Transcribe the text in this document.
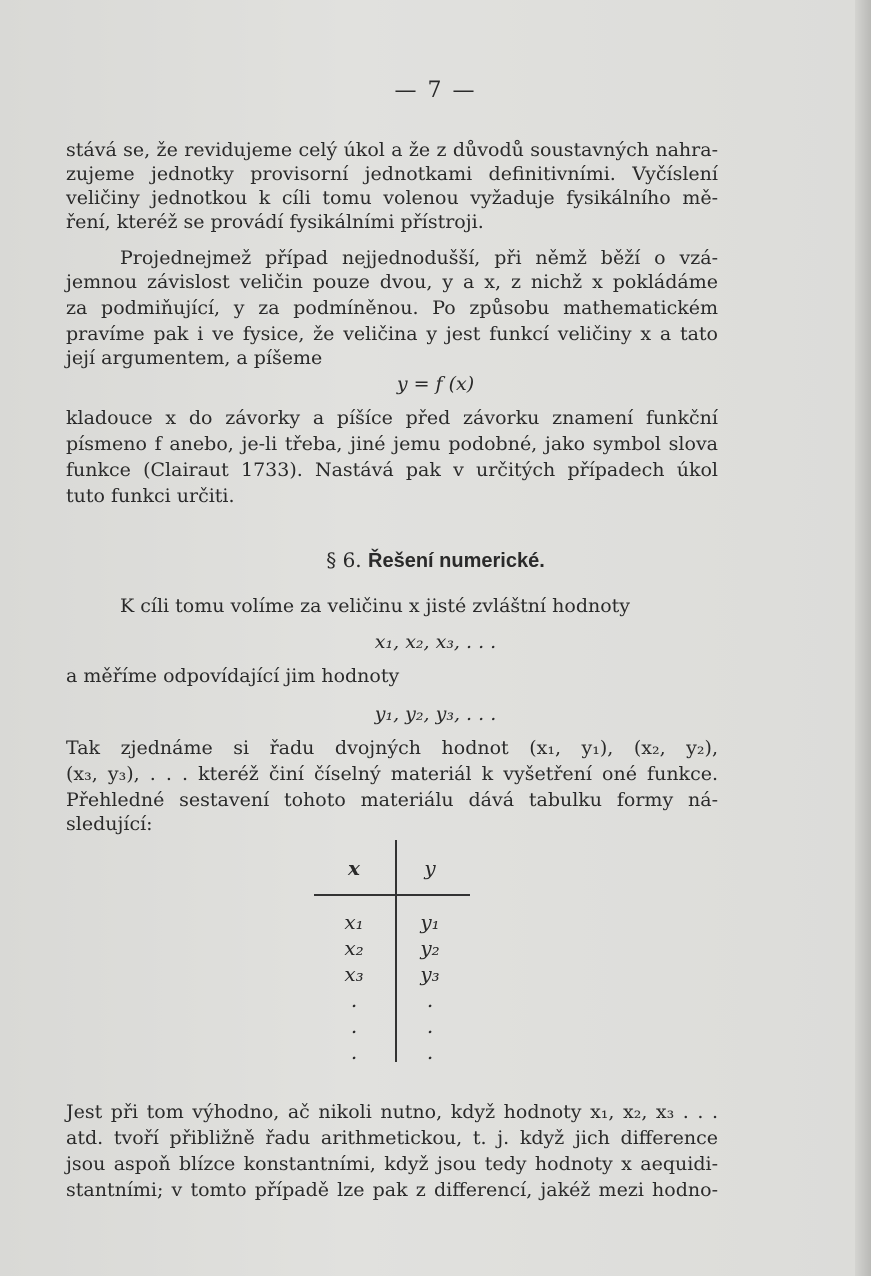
— 7 —
stává se, že revidujeme celý úkol a že z důvodů soustavných nahra-
zujeme jednotky provisorní jednotkami definitivními. Vyčíslení
veličiny jednotkou k cíli tomu volenou vyžaduje fysikálního mě-
ření, kteréž se provádí fysikálními přístroji.
Projednejmež případ nejjednodušší, při němž běží o vzá-
jemnou závislost veličin pouze dvou, y a x, z nichž x pokládáme
za podmiňující, y za podmíněnou. Po způsobu mathematickém
pravíme pak i ve fysice, že veličina y jest funkcí veličiny x a tato
její argumentem, a píšeme
y = f (x)
kladouce x do závorky a píšíce před závorku znamení funkční
písmeno f anebo, je-li třeba, jiné jemu podobné, jako symbol slova
funkce (Clairaut 1733). Nastává pak v určitých případech úkol
tuto funkci určiti.
§ 6. Řešení numerické.
K cíli tomu volíme za veličinu x jisté zvláštní hodnoty
x₁, x₂, x₃, . . .
a měříme odpovídající jim hodnoty
y₁, y₂, y₃, . . .
Tak zjednáme si řadu dvojných hodnot (x₁, y₁), (x₂, y₂),
(x₃, y₃), . . . kteréž činí číselný materiál k vyšetření oné funkce.
Přehledné sestavení tohoto materiálu dává tabulku formy ná-
sledující:
x	y
x₁	y₁
x₂	y₂
x₃	y₃
.	.
.	.
.	.
Jest při tom výhodno, ač nikoli nutno, když hodnoty x₁, x₂, x₃ . . .
atd. tvoří přibližně řadu arithmetickou, t. j. když jich difference
jsou aspoň blízce konstantními, když jsou tedy hodnoty x aequidi-
stantními; v tomto případě lze pak z differencí, jakéž mezi hodno-
